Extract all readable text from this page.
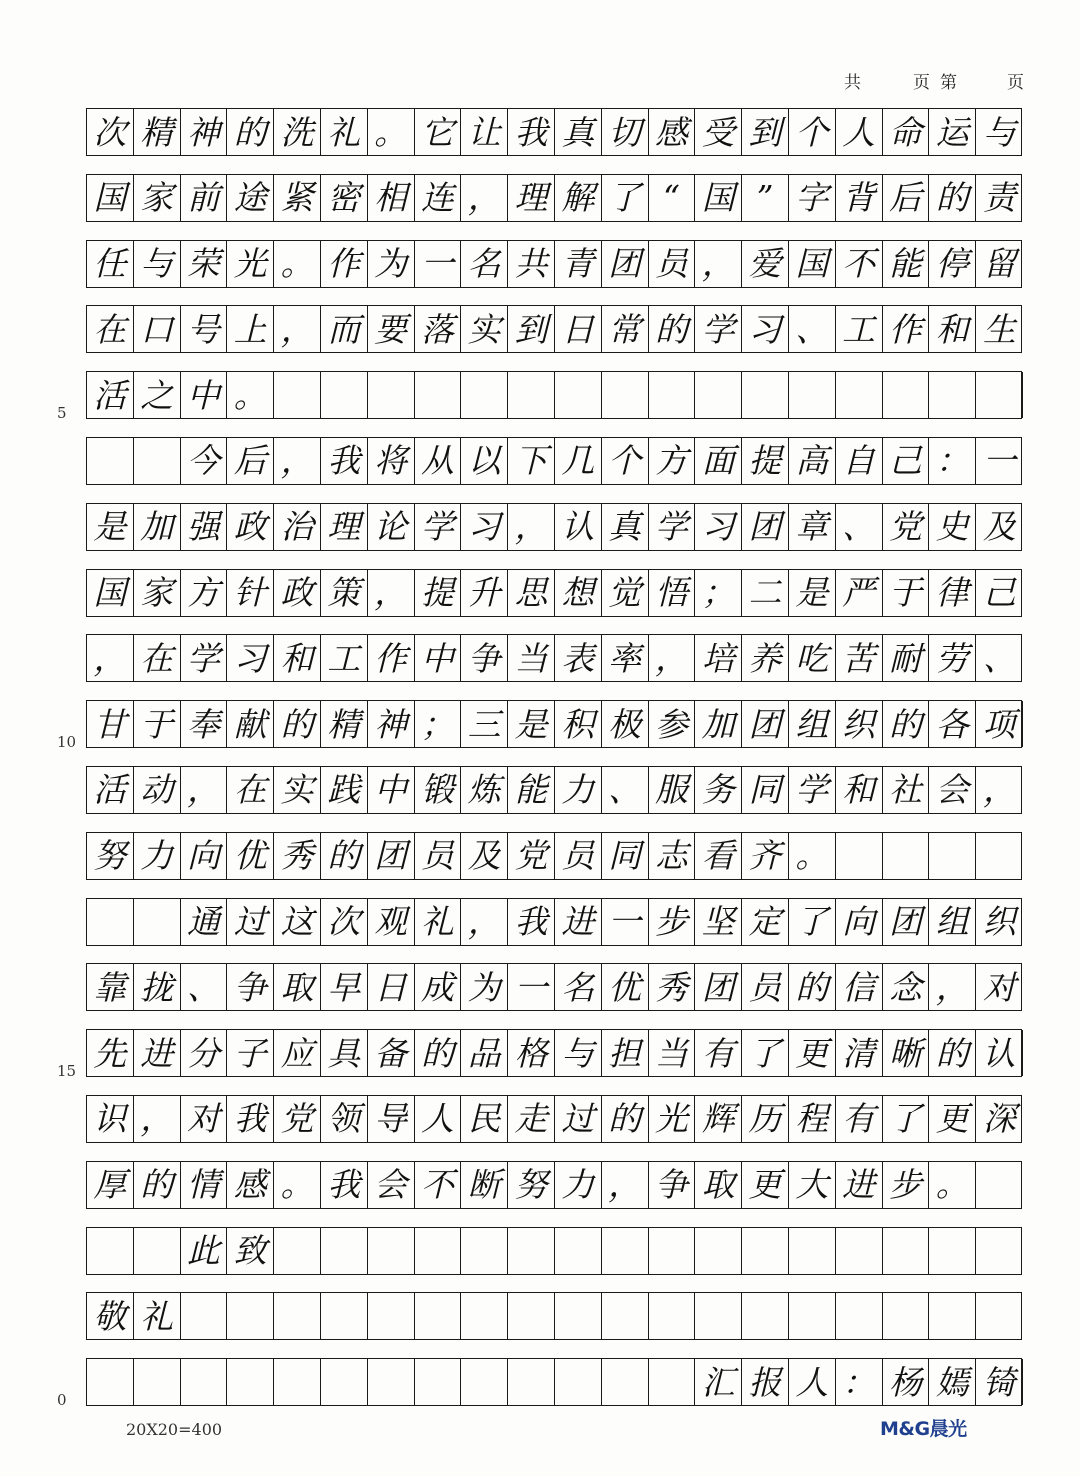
共	页 第	页
次 精 神 的 洗 礼 。 它 让 我 真 切 感 受 到 个 人 命 运 与
国 家 前 途 紧 密 相 连 ， 理 解 了 “ 国 ” 字 背 后 的 责
任 与 荣 光 。 作 为 一 名 共 青 团 员 ， 爱 国 不 能 停 留
在 口 号 上 ， 而 要 落 实 到 日 常 的 学 习 、 工 作 和 生
活 之 中 。
5
今 后 ， 我 将 从 以 下 几 个 方 面 提 高 自 己 ： 一
是 加 强 政 治 理 论 学 习 ， 认 真 学 习 团 章 、 党 史 及
国 家 方 针 政 策 ， 提 升 思 想 觉 悟 ； 二 是 严 于 律 己
， 在 学 习 和 工 作 中 争 当 表 率 ， 培 养 吃 苦 耐 劳 、
甘 于 奉 献 的 精 神 ； 三 是 积 极 参 加 团 组 织 的 各 项
10
活 动 ， 在 实 践 中 锻 炼 能 力 、 服 务 同 学 和 社 会 ，
努 力 向 优 秀 的 团 员 及 党 员 同 志 看 齐 。
通 过 这 次 观 礼 ， 我 进 一 步 坚 定 了 向 团 组 织
靠 拢 、 争 取 早 日 成 为 一 名 优 秀 团 员 的 信 念 ， 对
先 进 分 子 应 具 备 的 品 格 与 担 当 有 了 更 清 晰 的 认
15
识 ， 对 我 党 领 导 人 民 走 过 的 光 辉 历 程 有 了 更 深
厚 的 情 感 。 我 会 不 断 努 力 ， 争 取 更 大 进 步 。
此 致
敬 礼
汇 报 人 ： 杨 嫣 锜
0
20X20=400	M&G晨光
